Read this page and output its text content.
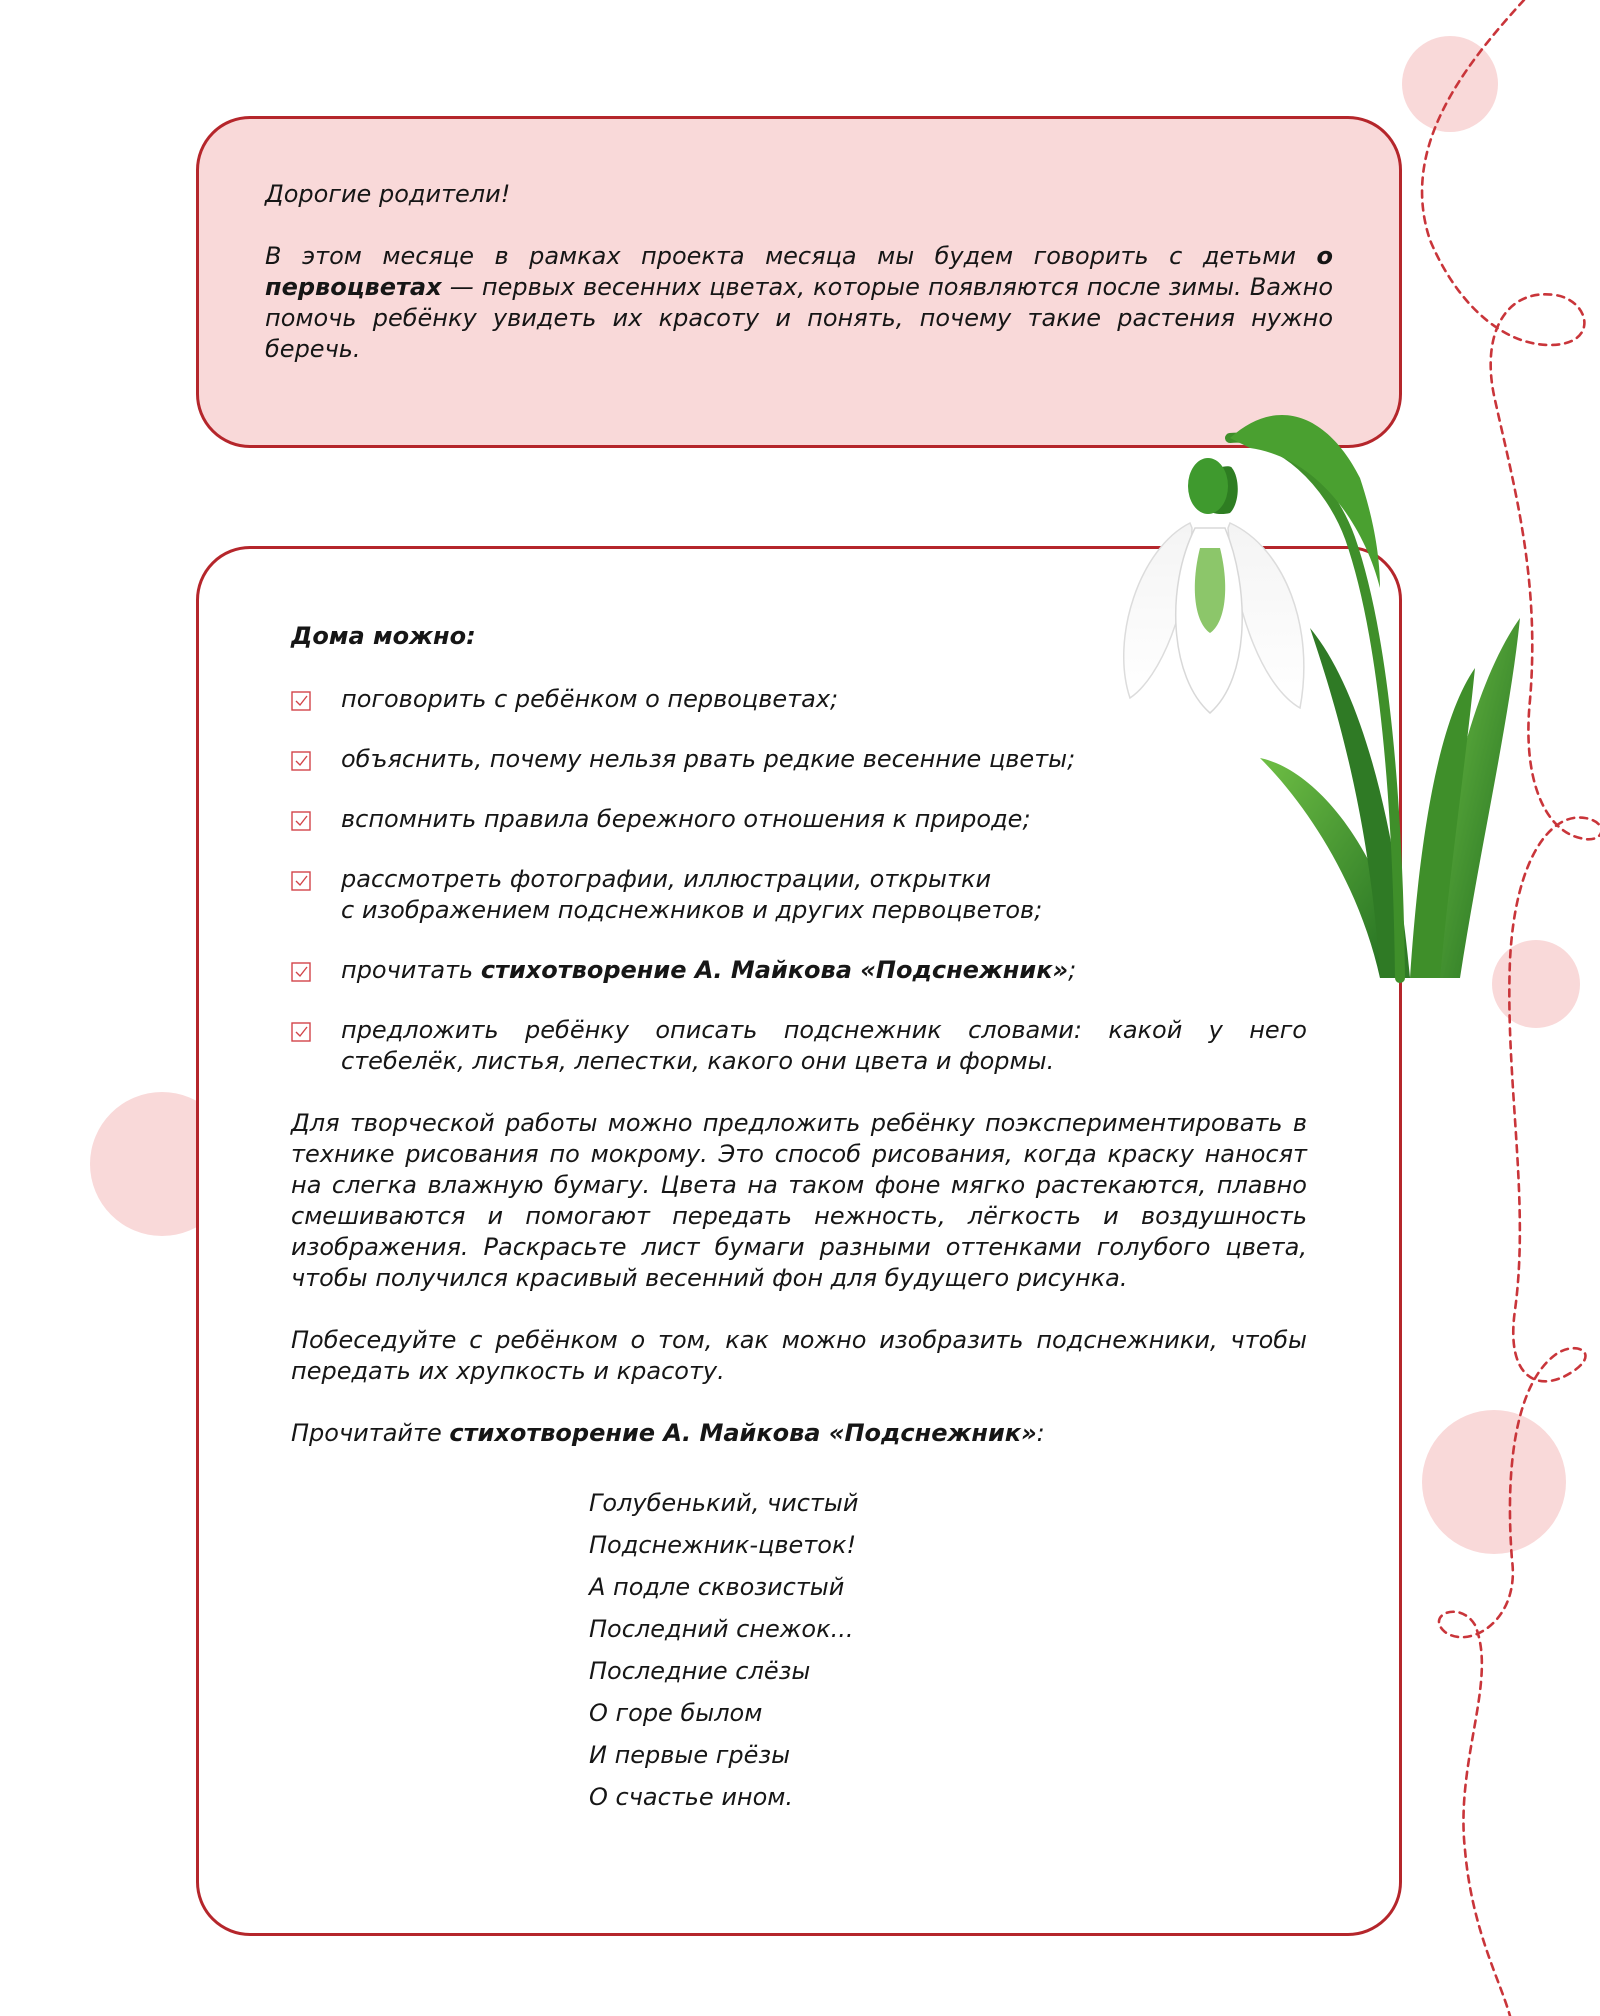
Дорогие родители!

В этом месяце в рамках проекта месяца мы будем говорить с детьми о первоцветах — первых весенних цветах, которые появляются после зимы. Важно помочь ребёнку увидеть их красоту и понять, почему такие растения нужно беречь.

Дома можно:

поговорить с ребёнком о первоцветах;
объяснить, почему нельзя рвать редкие весенние цветы;
вспомнить правила бережного отношения к природе;
рассмотреть фотографии, иллюстрации, открытки
с изображением подснежников и других первоцветов;
прочитать стихотворение А. Майкова «Подснежник»;
предложить ребёнку описать подснежник словами: какой у него стебелёк, листья, лепестки, какого они цвета и формы.

Для творческой работы можно предложить ребёнку поэкспериментировать в технике рисования по мокрому. Это способ рисования, когда краску наносят на слегка влажную бумагу. Цвета на таком фоне мягко растекаются, плавно смешиваются и помогают передать нежность, лёгкость и воздушность изображения. Раскрасьте лист бумаги разными оттенками голубого цвета, чтобы получился красивый весенний фон для будущего рисунка.

Побеседуйте с ребёнком о том, как можно изобразить подснежники, чтобы передать их хрупкость и красоту.

Прочитайте стихотворение А. Майкова «Подснежник»:

Голубенький, чистый
Подснежник-цветок!
А подле сквозистый
Последний снежок...
Последние слёзы
О горе былом
И первые грёзы
О счастье ином.
